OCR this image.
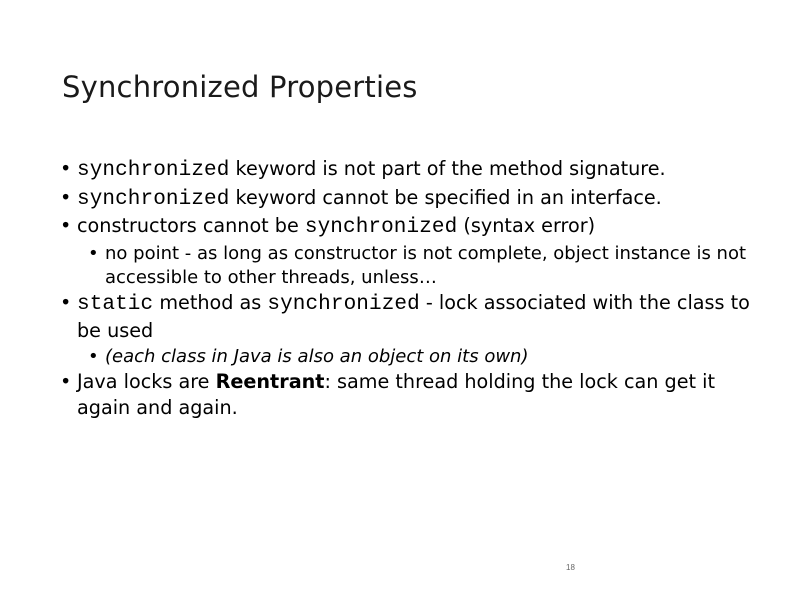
Synchronized Properties
• synchronized keyword is not part of the method signature.
• synchronized keyword cannot be specified in an interface.
• constructors cannot be synchronized (syntax error)
• no point - as long as constructor is not complete, object instance is not accessible to other threads, unless…
• static method as synchronized - lock associated with the class to be used
• (each class in Java is also an object on its own)
• Java locks are Reentrant: same thread holding the lock can get it again and again.
18
